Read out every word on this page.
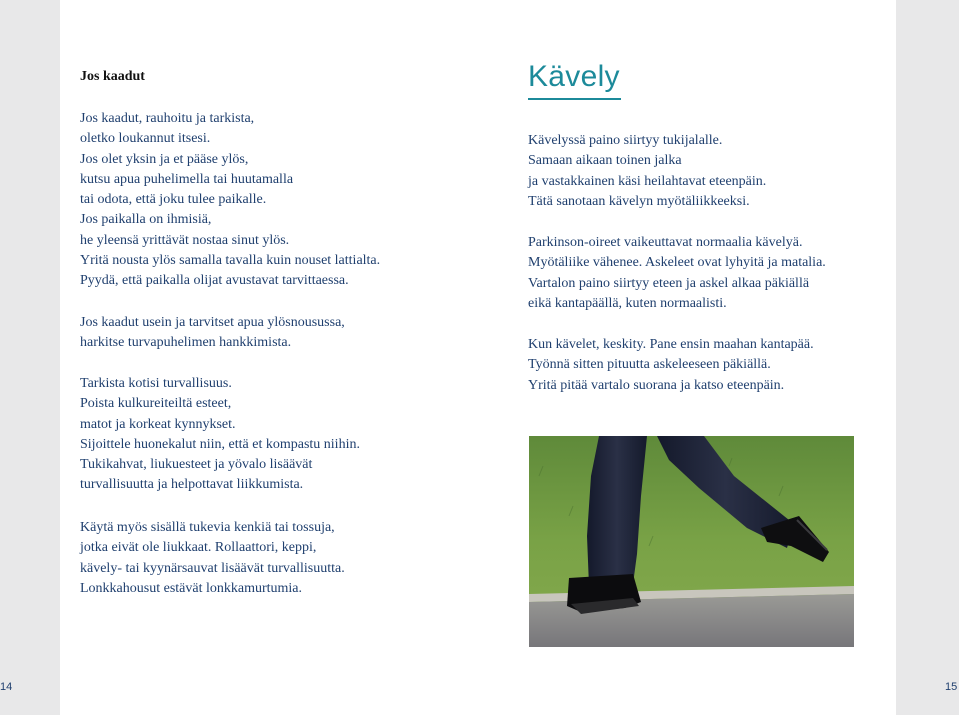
Jos kaadut

Jos kaadut, rauhoitu ja tarkista,
oletko loukannut itsesi.
Jos olet yksin ja et pääse ylös,
kutsu apua puhelimella tai huutamalla
tai odota, että joku tulee paikalle.
Jos paikalla on ihmisiä,
he yleensä yrittävät nostaa sinut ylös.
Yritä nousta ylös samalla tavalla kuin nouset lattialta.
Pyydä, että paikalla olijat avustavat tarvittaessa.

Jos kaadut usein ja tarvitset apua ylösnousussa,
harkitse turvapuhelimen hankkimista.

Tarkista kotisi turvallisuus.
Poista kulkureiteiltä esteet,
matot ja korkeat kynnykset.
Sijoittele huonekalut niin, että et kompastu niihin.
Tukikahvat, liukuesteet ja yövalo lisäävät
turvallisuutta ja helpottavat liikkumista.

Käytä myös sisällä tukevia kenkiä tai tossuja,
jotka eivät ole liukkaat. Rollaattori, keppi,
kävely- tai kyynärsauvat lisäävät turvallisuutta.
Lonkkahousut estävät lonkkamurtumia.

Kävely

Kävelyssä paino siirtyy tukijalalle.
Samaan aikaan toinen jalka
ja vastakkainen käsi heilahtavat eteenpäin.
Tätä sanotaan kävelyn myötäliikkeeksi.

Parkinson-oireet vaikeuttavat normaalia kävelyä.
Myötäliike vähenee. Askeleet ovat lyhyitä ja matalia.
Vartalon paino siirtyy eteen ja askel alkaa päkiällä
eikä kantapäällä, kuten normaalisti.

Kun kävelet, keskity. Pane ensin maahan kantapää.
Työnnä sitten pituutta askeleeseen päkiällä.
Yritä pitää vartalo suorana ja katso eteenpäin.

14	15
